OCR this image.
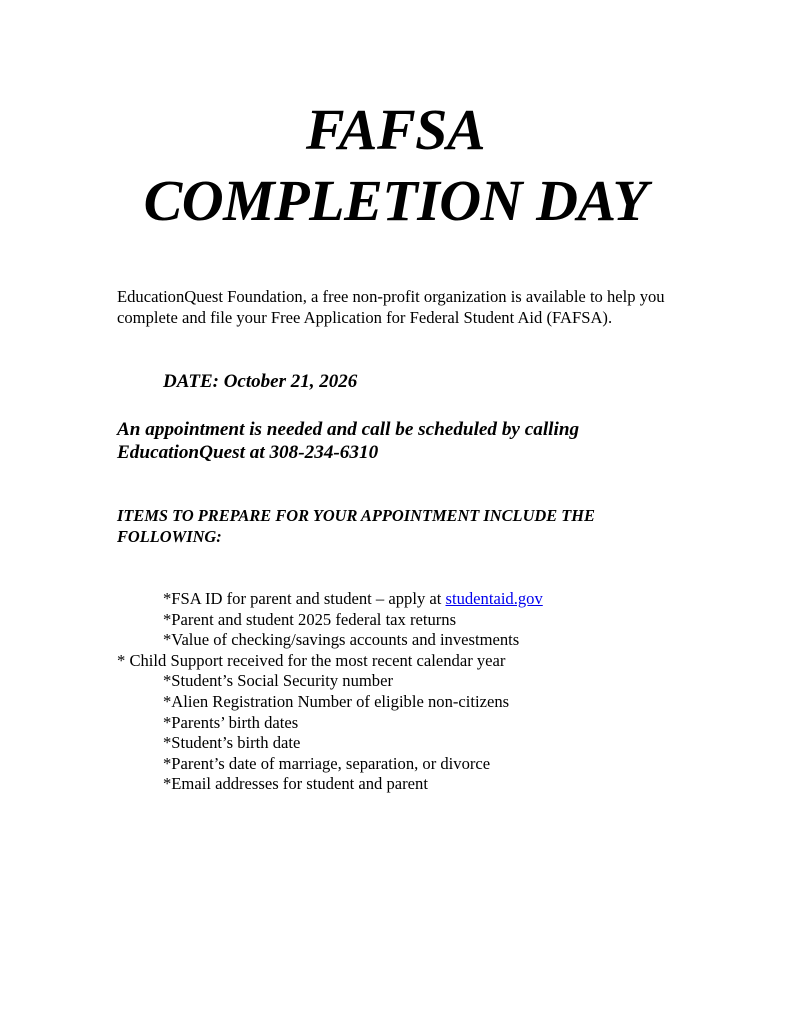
FAFSA
COMPLETION DAY

EducationQuest Foundation, a free non-profit organization is available to help you complete and file your Free Application for Federal Student Aid (FAFSA).

DATE: October 21, 2026

An appointment is needed and call be scheduled by calling EducationQuest at 308-234-6310

ITEMS TO PREPARE FOR YOUR APPOINTMENT INCLUDE THE FOLLOWING:

*FSA ID for parent and student – apply at studentaid.gov
*Parent and student 2025 federal tax returns
*Value of checking/savings accounts and investments
* Child Support received for the most recent calendar year
*Student’s Social Security number
*Alien Registration Number of eligible non-citizens
*Parents’ birth dates
*Student’s birth date
*Parent’s date of marriage, separation, or divorce
*Email addresses for student and parent
